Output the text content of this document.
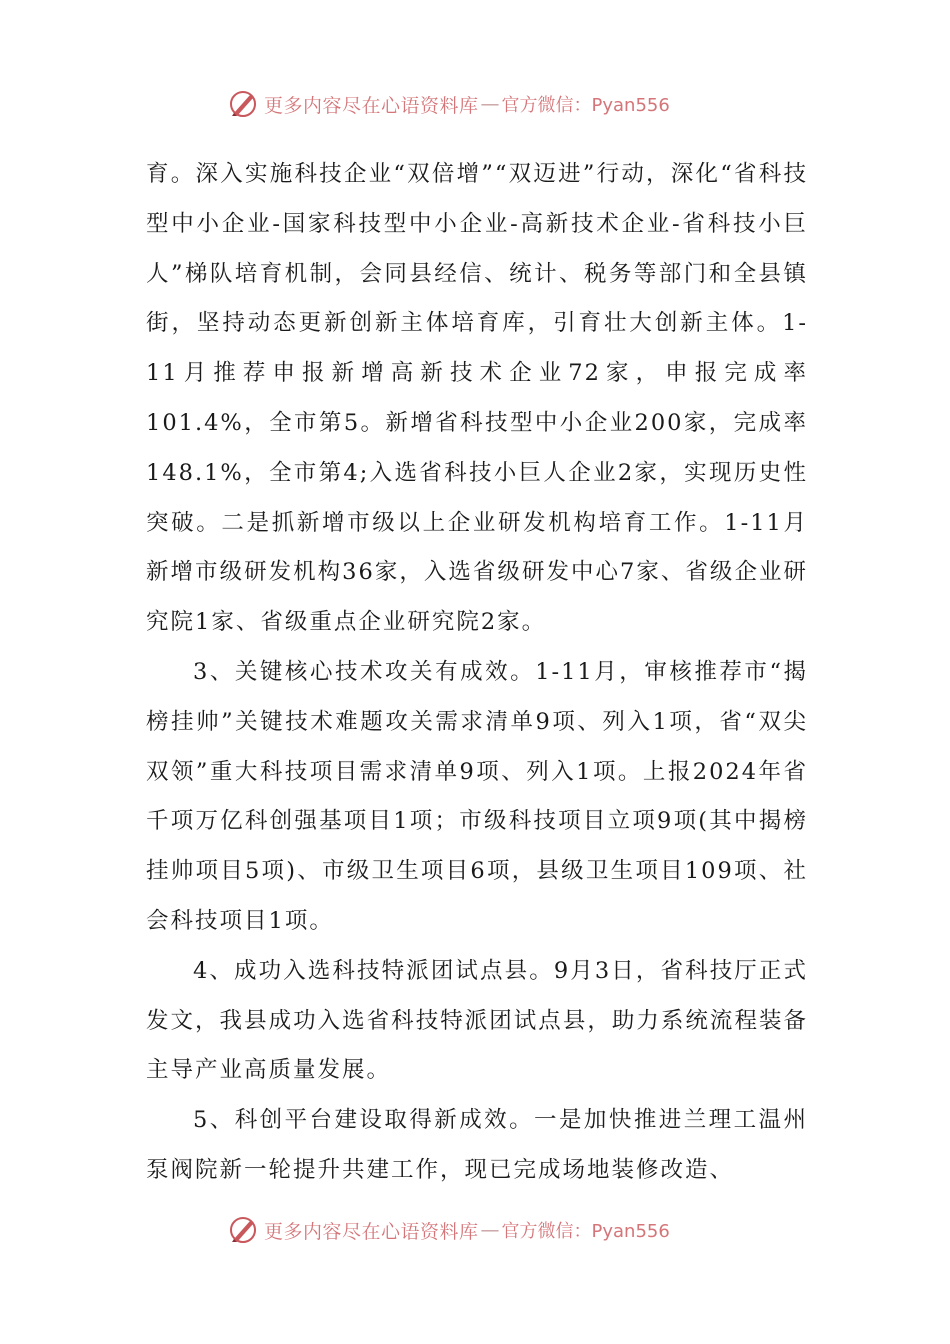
更多内容尽在心语资料库 — 官方微信：Pyan556

育。深入实施科技企业“双倍增”“双迈进”行动，深化“省科技型中小企业-国家科技型中小企业-高新技术企业-省科技小巨人”梯队培育机制，会同县经信、统计、税务等部门和全县镇街，坚持动态更新创新主体培育库，引育壮大创新主体。1-11月推荐申报新增高新技术企业72家，申报完成率101.4%，全市第5。新增省科技型中小企业200家，完成率148.1%，全市第4;入选省科技小巨人企业2家，实现历史性突破。二是抓新增市级以上企业研发机构培育工作。1-11月新增市级研发机构36家，入选省级研发中心7家、省级企业研究院1家、省级重点企业研究院2家。

3、关键核心技术攻关有成效。1-11月，审核推荐市“揭榜挂帅”关键技术难题攻关需求清单9项、列入1项，省“双尖双领”重大科技项目需求清单9项、列入1项。上报2024年省千项万亿科创强基项目1项；市级科技项目立项9项(其中揭榜挂帅项目5项)、市级卫生项目6项，县级卫生项目109项、社会科技项目1项。

4、成功入选科技特派团试点县。9月3日，省科技厅正式发文，我县成功入选省科技特派团试点县，助力系统流程装备主导产业高质量发展。

5、科创平台建设取得新成效。一是加快推进兰理工温州泵阀院新一轮提升共建工作，现已完成场地装修改造、

更多内容尽在心语资料库 — 官方微信：Pyan556
